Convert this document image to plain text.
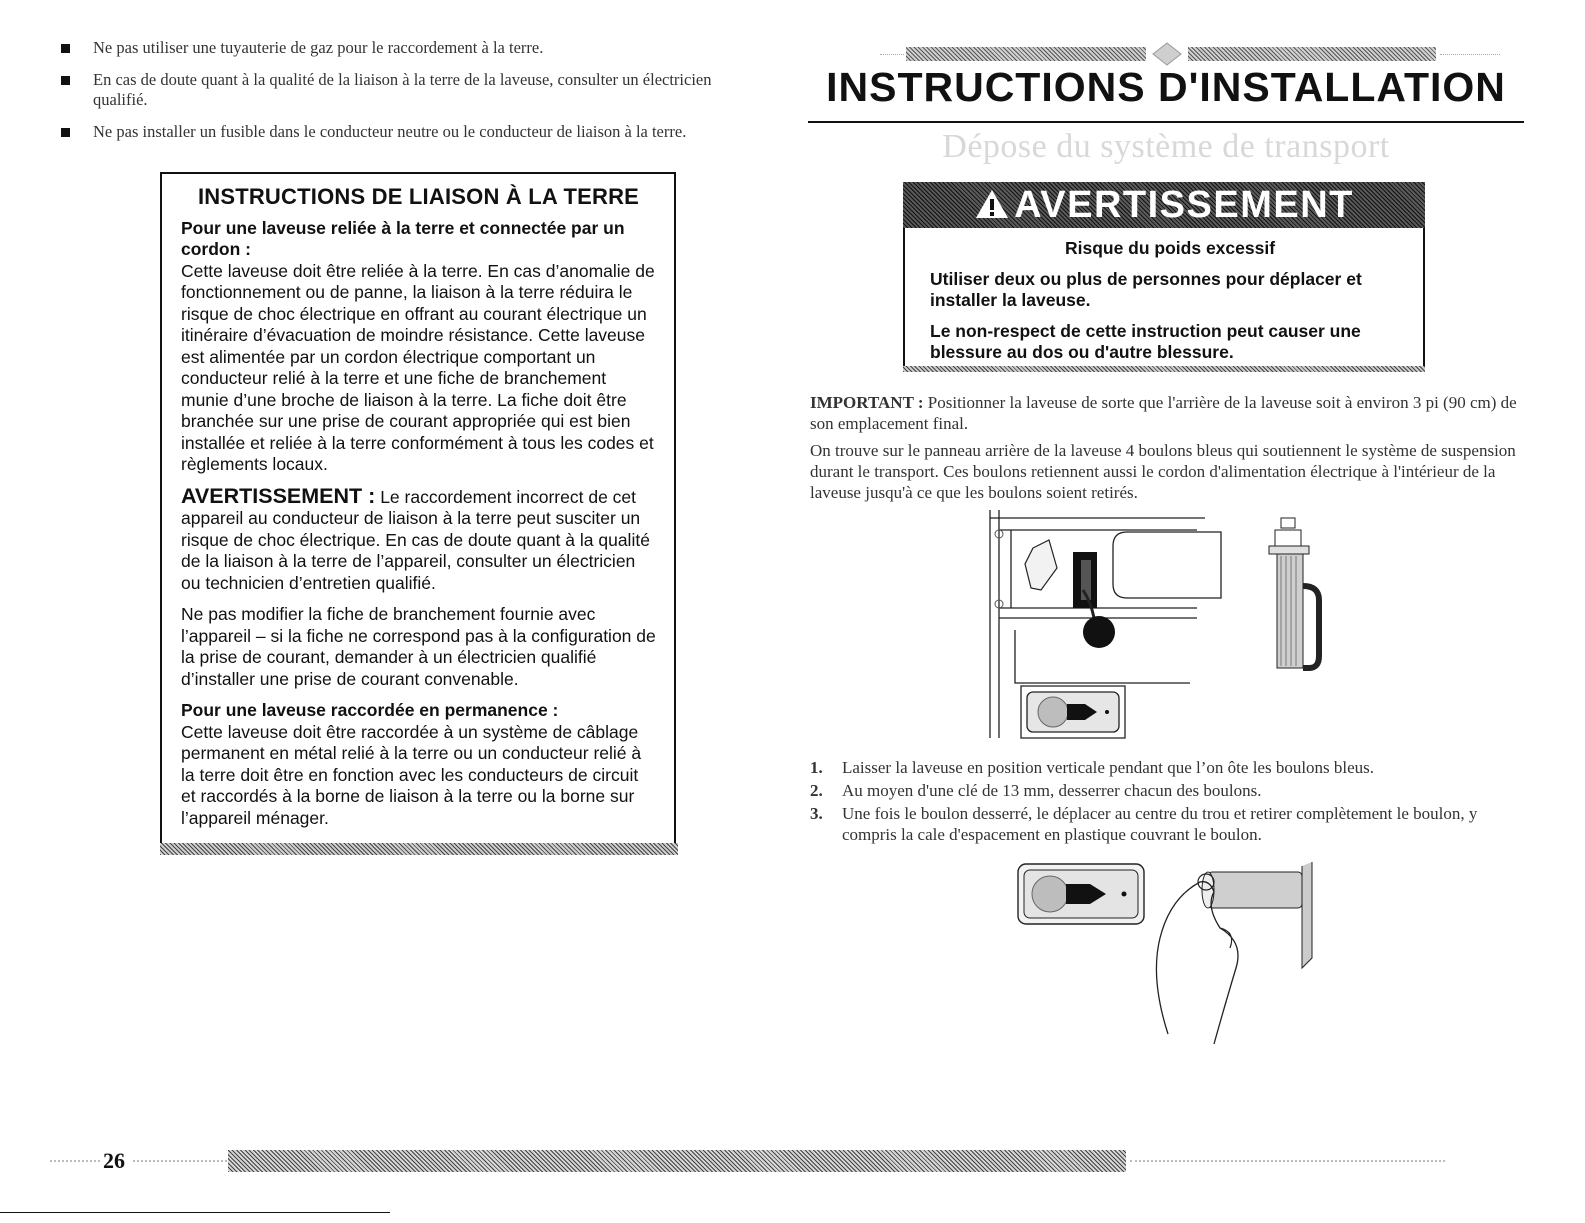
Ne pas utiliser une tuyauterie de gaz pour le raccordement à la terre.
En cas de doute quant à la qualité de la liaison à la terre de la laveuse, consulter un électricien qualifié.
Ne pas installer un fusible dans le conducteur neutre ou le conducteur de liaison à la terre.
INSTRUCTIONS DE LIAISON À LA TERRE
Pour une laveuse reliée à la terre et connectée par un cordon :

Cette laveuse doit être reliée à la terre. En cas d’anomalie de fonctionnement ou de panne, la liaison à la terre réduira le risque de choc électrique en offrant au courant électrique un itinéraire d’évacuation de moindre résistance. Cette laveuse est alimentée par un cordon électrique comportant un conducteur relié à la terre et une fiche de branchement munie d’une broche de liaison à la terre. La fiche doit être branchée sur une prise de courant appropriée qui est bien installée et reliée à la terre conformément à tous les codes et règlements locaux.

AVERTISSEMENT : Le raccordement incorrect de cet appareil au conducteur de liaison à la terre peut susciter un risque de choc électrique. En cas de doute quant à la qualité de la liaison à la terre de l’appareil, consulter un électricien ou technicien d’entretien qualifié.

Ne pas modifier la fiche de branchement fournie avec l’appareil – si la fiche ne correspond pas à la configuration de la prise de courant, demander à un électricien qualifié d’installer une prise de courant convenable.

Pour une laveuse raccordée en permanence :
Cette laveuse doit être raccordée à un système de câblage permanent en métal relié à la terre ou un conducteur relié à la terre doit être en fonction avec les conducteurs de circuit et raccordés à la borne de liaison à la terre ou la borne sur l’appareil ménager.
INSTRUCTIONS D'INSTALLATION
Dépose du système de transport
AVERTISSEMENT
Risque du poids excessif

Utiliser deux ou plus de personnes pour déplacer et installer la laveuse.

Le non-respect de cette instruction peut causer une blessure au dos ou d'autre blessure.

IMPORTANT : Positionner la laveuse de sorte que l'arrière de la laveuse soit à environ 3 pi (90 cm) de son emplacement final.

On trouve sur le panneau arrière de la laveuse 4 boulons bleus qui soutiennent le système de suspension durant le transport. Ces boulons retiennent aussi le cordon d'alimentation électrique à l'intérieur de la laveuse jusqu'à ce que les boulons soient retirés.

1. Laisser la laveuse en position verticale pendant que l’on ôte les boulons bleus.
2. Au moyen d'une clé de 13 mm, desserrer chacun des boulons.
3. Une fois le boulon desserré, le déplacer au centre du trou et retirer complètement le boulon, y compris la cale d'espacement en plastique couvrant le boulon.
26
